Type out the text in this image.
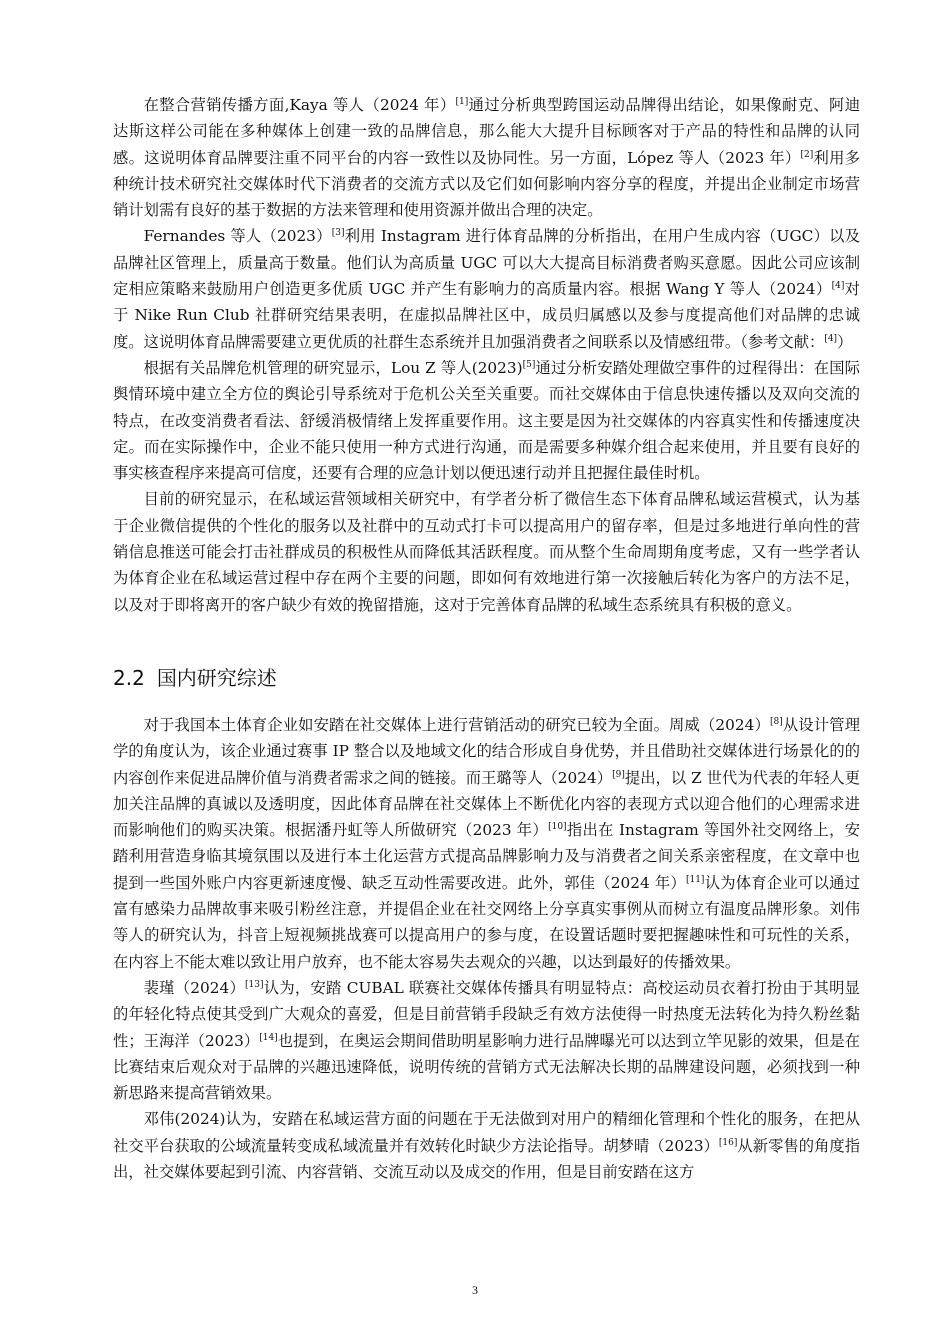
在整合营销传播方面,Kaya 等人（2024 年）[1]通过分析典型跨国运动品牌得出结论，如果像耐克、阿迪达斯这样公司能在多种媒体上创建一致的品牌信息，那么能大大提升目标顾客对于产品的特性和品牌的认同感。这说明体育品牌要注重不同平台的内容一致性以及协同性。另一方面，López 等人（2023 年）[2]利用多种统计技术研究社交媒体时代下消费者的交流方式以及它们如何影响内容分享的程度，并提出企业制定市场营销计划需有良好的基于数据的方法来管理和使用资源并做出合理的决定。

Fernandes 等人（2023）[3]利用 Instagram 进行体育品牌的分析指出，在用户生成内容（UGC）以及品牌社区管理上，质量高于数量。他们认为高质量 UGC 可以大大提高目标消费者购买意愿。因此公司应该制定相应策略来鼓励用户创造更多优质 UGC 并产生有影响力的高质量内容。根据 Wang Y 等人（2024）[4]对于 Nike Run Club 社群研究结果表明，在虚拟品牌社区中，成员归属感以及参与度提高他们对品牌的忠诚度。这说明体育品牌需要建立更优质的社群生态系统并且加强消费者之间联系以及情感纽带。（参考文献：[4]）

根据有关品牌危机管理的研究显示，Lou Z 等人(2023)[5]通过分析安踏处理做空事件的过程得出：在国际舆情环境中建立全方位的舆论引导系统对于危机公关至关重要。而社交媒体由于信息快速传播以及双向交流的特点，在改变消费者看法、舒缓消极情绪上发挥重要作用。这主要是因为社交媒体的内容真实性和传播速度决定。而在实际操作中，企业不能只使用一种方式进行沟通，而是需要多种媒介组合起来使用，并且要有良好的事实核查程序来提高可信度，还要有合理的应急计划以便迅速行动并且把握住最佳时机。

目前的研究显示，在私域运营领域相关研究中，有学者分析了微信生态下体育品牌私域运营模式，认为基于企业微信提供的个性化的服务以及社群中的互动式打卡可以提高用户的留存率，但是过多地进行单向性的营销信息推送可能会打击社群成员的积极性从而降低其活跃程度。而从整个生命周期角度考虑，又有一些学者认为体育企业在私域运营过程中存在两个主要的问题，即如何有效地进行第一次接触后转化为客户的方法不足，以及对于即将离开的客户缺少有效的挽留措施，这对于完善体育品牌的私域生态系统具有积极的意义。

2.2 国内研究综述

对于我国本土体育企业如安踏在社交媒体上进行营销活动的研究已较为全面。周威（2024）[8]从设计管理学的角度认为，该企业通过赛事 IP 整合以及地域文化的结合形成自身优势，并且借助社交媒体进行场景化的的内容创作来促进品牌价值与消费者需求之间的链接。而王璐等人（2024）[9]提出，以 Z 世代为代表的年轻人更加关注品牌的真诚以及透明度，因此体育品牌在社交媒体上不断优化内容的表现方式以迎合他们的心理需求进而影响他们的购买决策。根据潘丹虹等人所做研究（2023 年）[10]指出在 Instagram 等国外社交网络上，安踏利用营造身临其境氛围以及进行本土化运营方式提高品牌影响力及与消费者之间关系亲密程度，在文章中也提到一些国外账户内容更新速度慢、缺乏互动性需要改进。此外，郭佳（2024 年）[11]认为体育企业可以通过富有感染力品牌故事来吸引粉丝注意，并提倡企业在社交网络上分享真实事例从而树立有温度品牌形象。刘伟等人的研究认为，抖音上短视频挑战赛可以提高用户的参与度，在设置话题时要把握趣味性和可玩性的关系，在内容上不能太难以致让用户放弃，也不能太容易失去观众的兴趣，以达到最好的传播效果。

裴瑾（2024）[13]认为，安踏 CUBAL 联赛社交媒体传播具有明显特点：高校运动员衣着打扮由于其明显的年轻化特点使其受到广大观众的喜爱，但是目前营销手段缺乏有效方法使得一时热度无法转化为持久粉丝黏性；王海洋（2023）[14]也提到，在奥运会期间借助明星影响力进行品牌曝光可以达到立竿见影的效果，但是在比赛结束后观众对于品牌的兴趣迅速降低，说明传统的营销方式无法解决长期的品牌建设问题，必须找到一种新思路来提高营销效果。

邓伟(2024)认为，安踏在私域运营方面的问题在于无法做到对用户的精细化管理和个性化的服务，在把从社交平台获取的公域流量转变成私域流量并有效转化时缺少方法论指导。胡梦晴（2023）[16]从新零售的角度指出，社交媒体要起到引流、内容营销、交流互动以及成交的作用，但是目前安踏在这方

3
